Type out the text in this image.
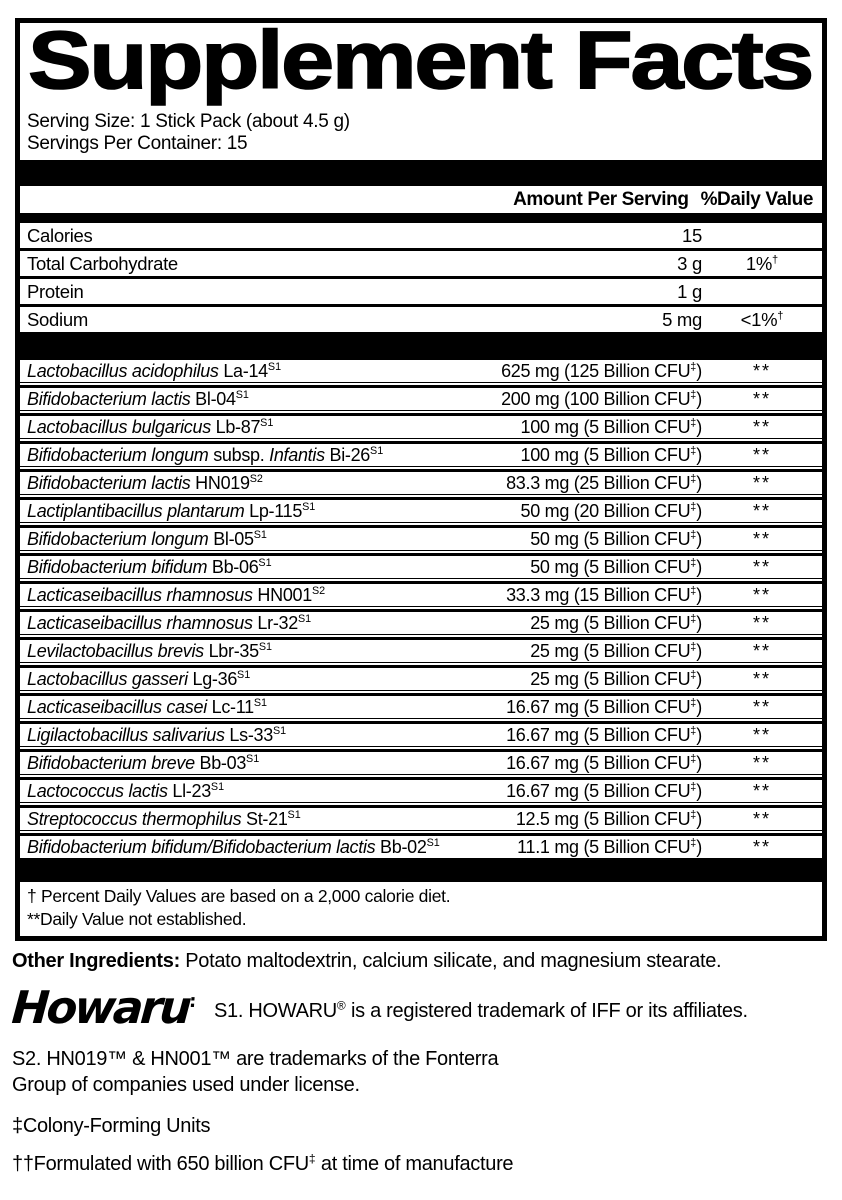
Supplement Facts
Serving Size: 1 Stick Pack (about 4.5 g)
Servings Per Container: 15
Amount Per Serving %Daily Value
Calories	15
Total Carbohydrate	3 g	1%†
Protein	1 g
Sodium	5 mg	<1%†
Lactobacillus acidophilus $La-14^{S1}$	625 mg (125 Billion CFU‡)	**
Bifidobacterium lactis $Bl-04^{S1}$	200 mg (100 Billion CFU‡)	**
Lactobacillus bulgaricus $Lb-87^{S1}$	100 mg (5 Billion CFU‡)	**
Bifidobacterium longum subsp. Infantis $Bi-26^{S1}$	100 mg (5 Billion CFU‡)	**
Bifidobacterium lactis $HN019^{S2}$	83.3 mg (25 Billion CFU‡)	**
Lactiplantibacillus plantarum $Lp-115^{S1}$	50 mg (20 Billion CFU‡)	**
Bifidobacterium longum $Bl-05^{S1}$	50 mg (5 Billion CFU‡)	**
Bifidobacterium bifidum $Bb-06^{S1}$	50 mg (5 Billion CFU‡)	**
Lacticaseibacillus rhamnosus $HN001^{S2}$	33.3 mg (15 Billion CFU‡)	**
Lacticaseibacillus rhamnosus $Lr-32^{S1}$	25 mg (5 Billion CFU‡)	**
Levilactobacillus brevis Lbr-$35^{S1}$	25 mg (5 Billion CFU‡)	**
Lactobacillus gasseri $Lg-36^{S1}$	25 mg (5 Billion CFU‡)	**
Lacticaseibacillus casei $Lc-11^{S1}$	16.67 mg (5 Billion CFU‡)	**
Ligilactobacillus salivarius $Ls-33^{S1}$	16.67 mg (5 Billion CFU‡)	**
Bifidobacterium breve $Bb-03^{S1}$	16.67 mg (5 Billion CFU‡)	**
Lactococcus lactis $Ll-23^{S1}$	16.67 mg (5 Billion CFU‡)	**
Streptococcus thermophilus $St-21^{S1}$	12.5 mg (5 Billion CFU‡)	**
Bifidobacterium bifidum/Bifidobacterium lactis $Bb-02^{S1}$	11.1 mg (5 Billion CFU‡)	**
† Percent Daily Values are based on a 2,000 calorie diet.
**Daily Value not established.
Other Ingredients: Potato maltodextrin, calcium silicate, and magnesium stearate.
Howaru: S1. HOWARU® is a registered trademark of IFF or its affiliates.
S2. HN019™ & HN001™ are trademarks of the Fonterra
Group of companies used under license.
‡Colony-Forming Units
††Formulated with 650 billion CFU‡ at time of manufacture
